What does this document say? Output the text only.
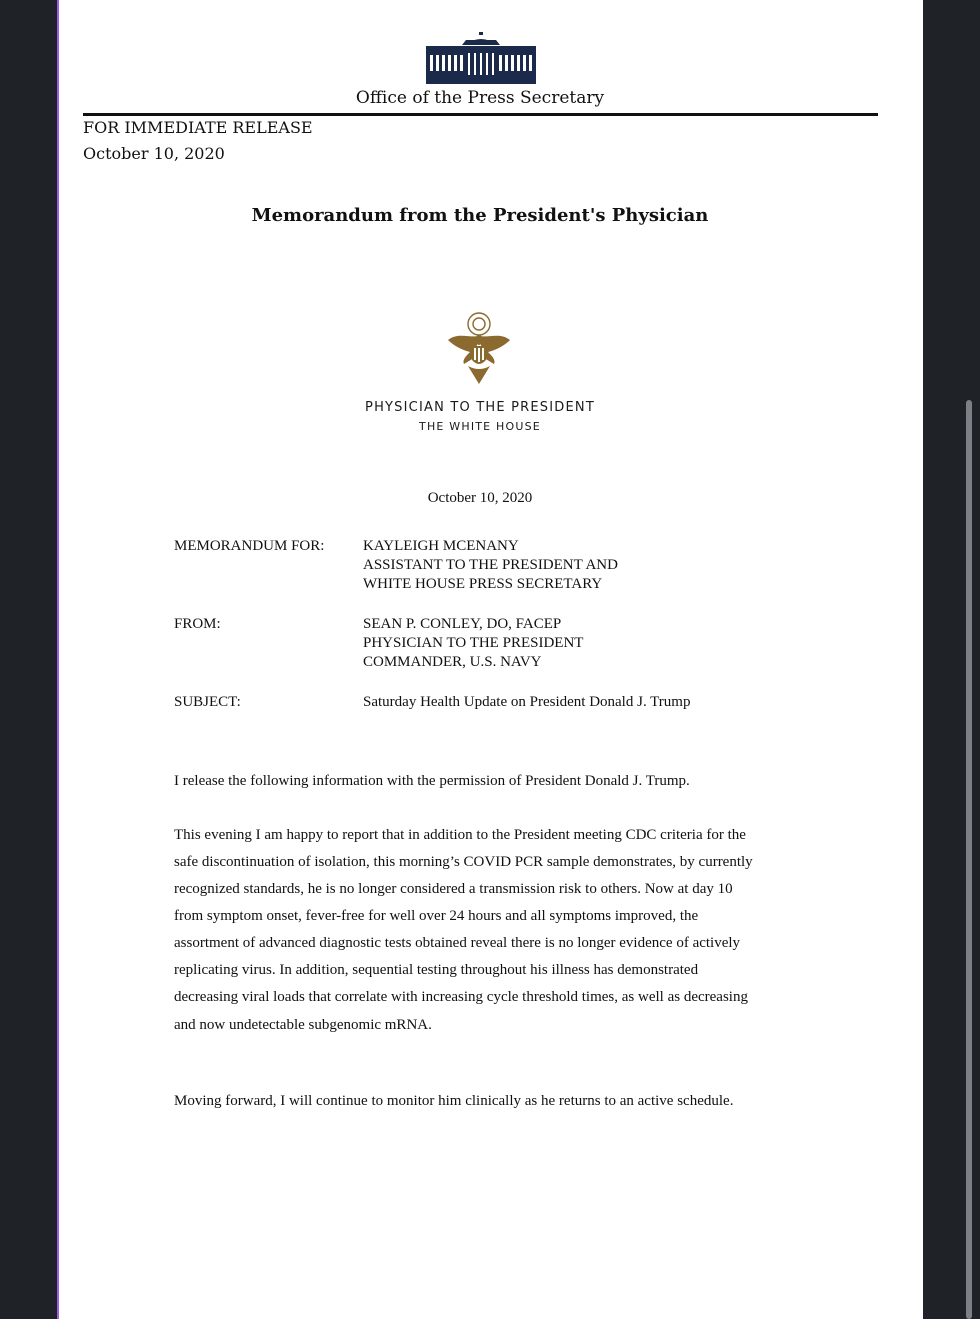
Office of the Press Secretary
FOR IMMEDIATE RELEASE
October 10, 2020
Memorandum from the President's Physician
PHYSICIAN TO THE PRESIDENT
THE WHITE HOUSE
October 10, 2020
MEMORANDUM FOR:	KAYLEIGH MCENANY
ASSISTANT TO THE PRESIDENT AND
WHITE HOUSE PRESS SECRETARY
FROM:	SEAN P. CONLEY, DO, FACEP
PHYSICIAN TO THE PRESIDENT
COMMANDER, U.S. NAVY
SUBJECT:	Saturday Health Update on President Donald J. Trump
I release the following information with the permission of President Donald J. Trump.
This evening I am happy to report that in addition to the President meeting CDC criteria for the
safe discontinuation of isolation, this morning’s COVID PCR sample demonstrates, by currently
recognized standards, he is no longer considered a transmission risk to others. Now at day 10
from symptom onset, fever-free for well over 24 hours and all symptoms improved, the
assortment of advanced diagnostic tests obtained reveal there is no longer evidence of actively
replicating virus. In addition, sequential testing throughout his illness has demonstrated
decreasing viral loads that correlate with increasing cycle threshold times, as well as decreasing
and now undetectable subgenomic mRNA.
Moving forward, I will continue to monitor him clinically as he returns to an active schedule.
